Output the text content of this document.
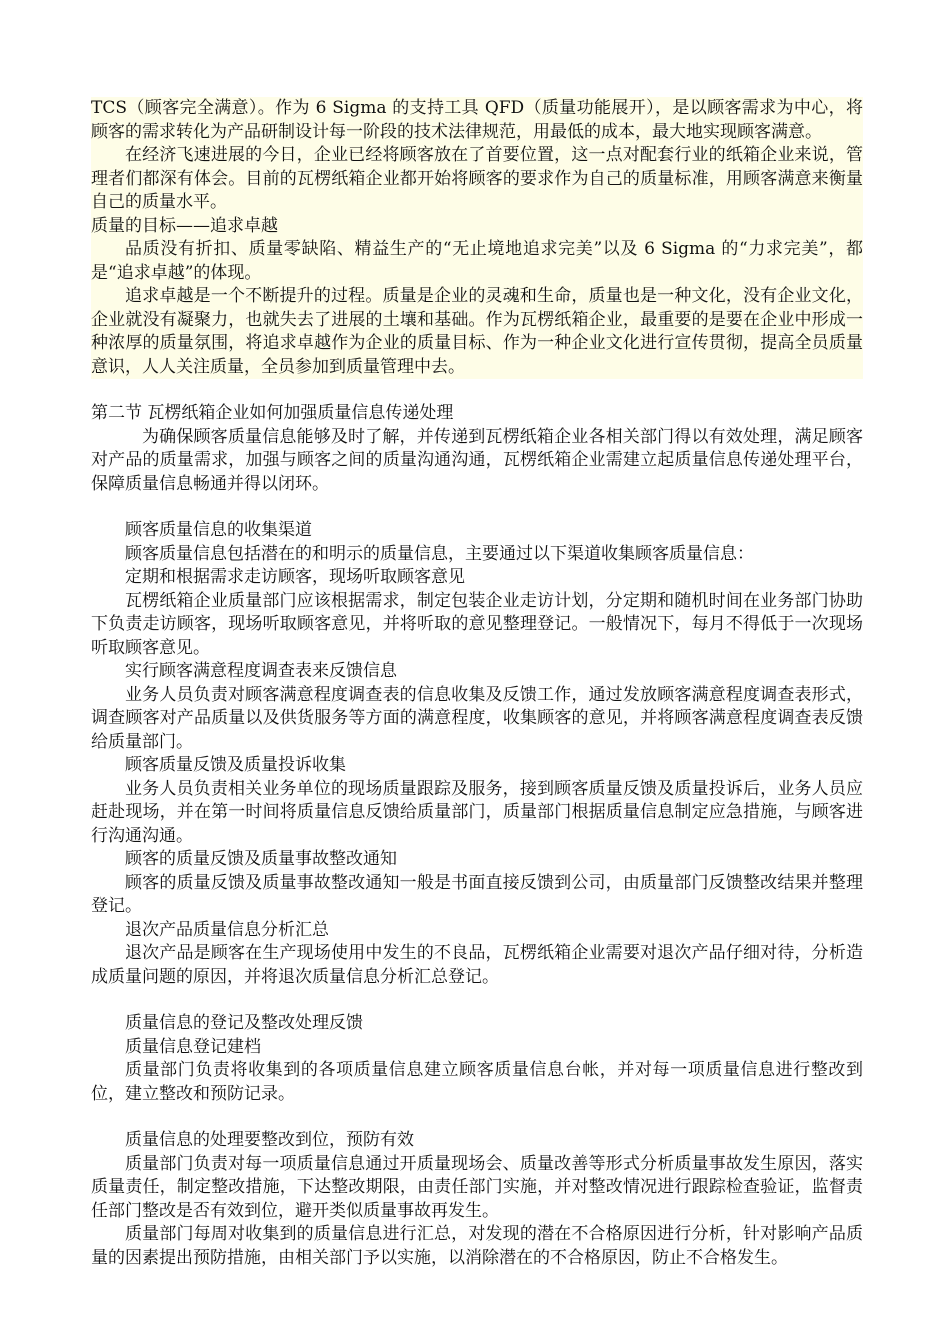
TCS（顾客完全满意）。作为 6 Sigma 的支持工具 QFD（质量功能展开），是以顾客需求为中心，将顾客的需求转化为产品研制设计每一阶段的技术法律规范，用最低的成本，最大地实现顾客满意。

在经济飞速进展的今日，企业已经将顾客放在了首要位置，这一点对配套行业的纸箱企业来说，管理者们都深有体会。目前的瓦楞纸箱企业都开始将顾客的要求作为自己的质量标准，用顾客满意来衡量自己的质量水平。

质量的目标——追求卓越

品质没有折扣、质量零缺陷、精益生产的“无止境地追求完美”以及 6 Sigma 的“力求完美”，都是“追求卓越”的体现。

追求卓越是一个不断提升的过程。质量是企业的灵魂和生命，质量也是一种文化，没有企业文化，企业就没有凝聚力，也就失去了进展的土壤和基础。作为瓦楞纸箱企业，最重要的是要在企业中形成一种浓厚的质量氛围，将追求卓越作为企业的质量目标、作为一种企业文化进行宣传贯彻，提高全员质量意识，人人关注质量，全员参加到质量管理中去。

第二节 瓦楞纸箱企业如何加强质量信息传递处理

为确保顾客质量信息能够及时了解，并传递到瓦楞纸箱企业各相关部门得以有效处理，满足顾客对产品的质量需求，加强与顾客之间的质量沟通沟通，瓦楞纸箱企业需建立起质量信息传递处理平台，保障质量信息畅通并得以闭环。

顾客质量信息的收集渠道

顾客质量信息包括潜在的和明示的质量信息，主要通过以下渠道收集顾客质量信息：

定期和根据需求走访顾客，现场听取顾客意见

瓦楞纸箱企业质量部门应该根据需求，制定包装企业走访计划，分定期和随机时间在业务部门协助下负责走访顾客，现场听取顾客意见，并将听取的意见整理登记。一般情况下，每月不得低于一次现场听取顾客意见。

实行顾客满意程度调查表来反馈信息

业务人员负责对顾客满意程度调查表的信息收集及反馈工作，通过发放顾客满意程度调查表形式，调查顾客对产品质量以及供货服务等方面的满意程度，收集顾客的意见，并将顾客满意程度调查表反馈给质量部门。

顾客质量反馈及质量投诉收集

业务人员负责相关业务单位的现场质量跟踪及服务，接到顾客质量反馈及质量投诉后，业务人员应赶赴现场，并在第一时间将质量信息反馈给质量部门，质量部门根据质量信息制定应急措施，与顾客进行沟通沟通。

顾客的质量反馈及质量事故整改通知

顾客的质量反馈及质量事故整改通知一般是书面直接反馈到公司，由质量部门反馈整改结果并整理登记。

退次产品质量信息分析汇总

退次产品是顾客在生产现场使用中发生的不良品，瓦楞纸箱企业需要对退次产品仔细对待，分析造成质量问题的原因，并将退次质量信息分析汇总登记。

质量信息的登记及整改处理反馈

质量信息登记建档

质量部门负责将收集到的各项质量信息建立顾客质量信息台帐，并对每一项质量信息进行整改到位，建立整改和预防记录。

质量信息的处理要整改到位，预防有效

质量部门负责对每一项质量信息通过开质量现场会、质量改善等形式分析质量事故发生原因，落实质量责任，制定整改措施，下达整改期限，由责任部门实施，并对整改情况进行跟踪检查验证，监督责任部门整改是否有效到位，避开类似质量事故再发生。

质量部门每周对收集到的质量信息进行汇总，对发现的潜在不合格原因进行分析，针对影响产品质量的因素提出预防措施，由相关部门予以实施，以消除潜在的不合格原因，防止不合格发生。
